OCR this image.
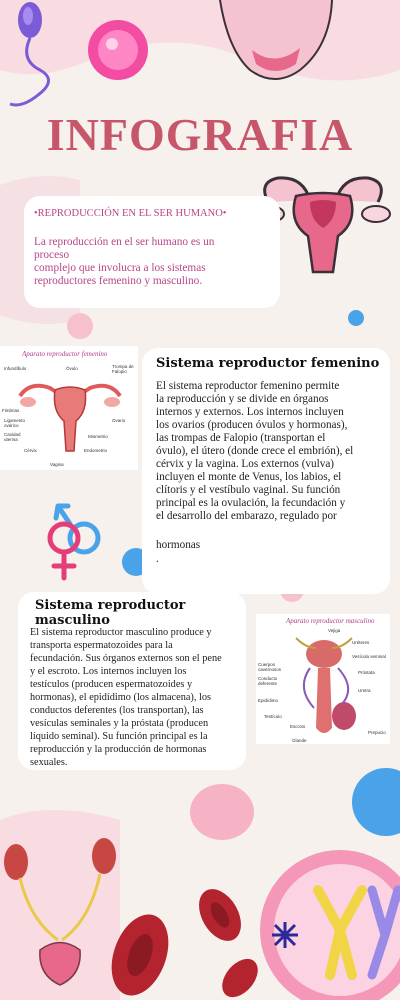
INFOGRAFIA
•REPRODUCCIÓN EN EL SER HUMANO•
La reproducción en el ser humano es un
proceso
complejo que involucra a los sistemas
reproductores femenino y masculino.
Aparato reproductor femenino
Infundíbulo	Óvulo	Trompa de Falopio
Fimbrias
Ligamento ovárico
Cavidad uterina
Cérvix
Vagina
Endometrio
Miometrio
Ovario
Sistema reproductor femenino
El sistema reproductor femenino permite
la reproducción y se divide en órganos
internos y externos. Los internos incluyen
los ovarios (producen óvulos y hormonas),
las trompas de Falopio (transportan el
óvulo), el útero (donde crece el embrión), el
cérvix y la vagina. Los externos (vulva)
incluyen el monte de Venus, los labios, el
clítoris y el vestíbulo vaginal. Su función
principal es la ovulación, la fecundación y
el desarrollo del embarazo, regulado por
hormonas
.
Sistema reproductor masculino
El sistema reproductor masculino produce y
transporta espermatozoides para la
fecundación. Sus órganos externos son el pene
y el escroto. Los internos incluyen los
testículos (producen espermatozoides y
hormonas), el epidídimo (los almacena), los
conductos deferentes (los transportan), las
vesículas seminales y la próstata (producen
líquido seminal). Su función principal es la
reproducción y la producción de hormonas
sexuales.
Aparato reproductor masculino
Vejiga
Uréteres
Vesícula seminal
Cuerpos cavernosos
Próstata
Conducto deferente
Uretra
Epidídimo
Testículo
Escroto
Glande
Prepucio
